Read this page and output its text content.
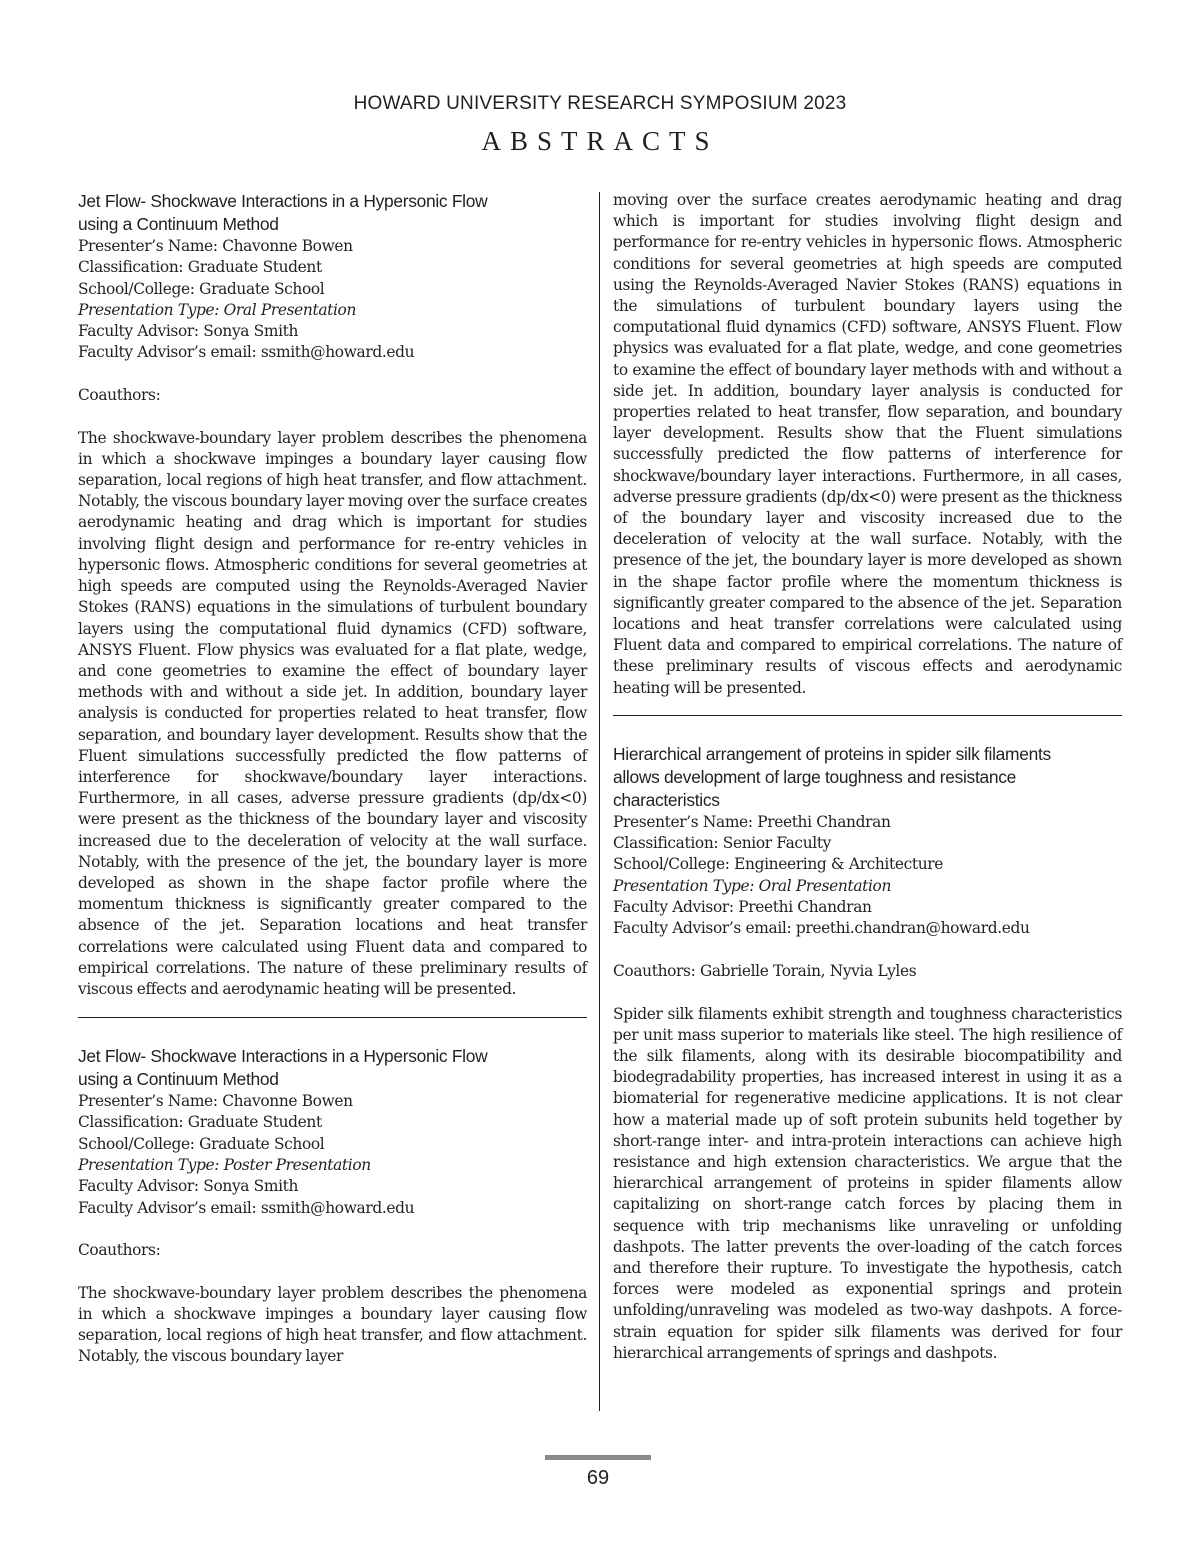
HOWARD UNIVERSITY RESEARCH SYMPOSIUM 2023
ABSTRACTS

Jet Flow- Shockwave Interactions in a Hypersonic Flow

using a Continuum Method

Presenter’s Name: Chavonne Bowen

Classification: Graduate Student

School/College: Graduate School

Presentation Type: Oral Presentation

Faculty Advisor: Sonya Smith

Faculty Advisor’s email: ssmith@howard.edu

Coauthors:

The shockwave-boundary layer problem describes the phenomena in which a shockwave impinges a boundary layer causing flow separation, local regions of high heat transfer, and flow attachment. Notably, the viscous boundary layer moving over the surface creates aerodynamic heating and drag which is important for studies involving flight design and performance for re-entry vehicles in hypersonic flows. Atmospheric conditions for several geometries at high speeds are computed using the Reynolds-Averaged Navier Stokes (RANS) equations in the simulations of turbulent boundary layers using the computational fluid dynamics (CFD) software, ANSYS Fluent. Flow physics was evaluated for a flat plate, wedge, and cone geometries to examine the effect of boundary layer methods with and without a side jet. In addition, boundary layer analysis is conducted for properties related to heat transfer, flow separation, and boundary layer development. Results show that the Fluent simulations successfully predicted the flow patterns of interference for shockwave/boundary layer interactions. Furthermore, in all cases, adverse pressure gradients (dp/dx<0) were present as the thickness of the boundary layer and viscosity increased due to the deceleration of velocity at the wall surface. Notably, with the presence of the jet, the boundary layer is more developed as shown in the shape factor profile where the momentum thickness is significantly greater compared to the absence of the jet. Separation locations and heat transfer correlations were calculated using Fluent data and compared to empirical correlations. The nature of these preliminary results of viscous effects and aerodynamic heating will be presented.

Jet Flow- Shockwave Interactions in a Hypersonic Flow

using a Continuum Method

Presenter’s Name: Chavonne Bowen

Classification: Graduate Student

School/College: Graduate School

Presentation Type: Poster Presentation

Faculty Advisor: Sonya Smith

Faculty Advisor’s email: ssmith@howard.edu

Coauthors:

The shockwave-boundary layer problem describes the phenomena in which a shockwave impinges a boundary layer causing flow separation, local regions of high heat transfer, and flow attachment. Notably, the viscous boundary layer

moving over the surface creates aerodynamic heating and drag which is important for studies involving flight design and performance for re-entry vehicles in hypersonic flows. Atmospheric conditions for several geometries at high speeds are computed using the Reynolds-Averaged Navier Stokes (RANS) equations in the simulations of turbulent boundary layers using the computational fluid dynamics (CFD) software, ANSYS Fluent. Flow physics was evaluated for a flat plate, wedge, and cone geometries to examine the effect of boundary layer methods with and without a side jet. In addition, boundary layer analysis is conducted for properties related to heat transfer, flow separation, and boundary layer development. Results show that the Fluent simulations successfully predicted the flow patterns of interference for shockwave/boundary layer interactions. Furthermore, in all cases, adverse pressure gradients (dp/dx<0) were present as the thickness of the boundary layer and viscosity increased due to the deceleration of velocity at the wall surface. Notably, with the presence of the jet, the boundary layer is more developed as shown in the shape factor profile where the momentum thickness is significantly greater compared to the absence of the jet. Separation locations and heat transfer correlations were calculated using Fluent data and compared to empirical correlations. The nature of these preliminary results of viscous effects and aerodynamic heating will be presented.

Hierarchical arrangement of proteins in spider silk filaments

allows development of large toughness and resistance

characteristics

Presenter’s Name: Preethi Chandran

Classification: Senior Faculty

School/College: Engineering & Architecture

Presentation Type: Oral Presentation

Faculty Advisor: Preethi Chandran

Faculty Advisor’s email: preethi.chandran@howard.edu

Coauthors: Gabrielle Torain, Nyvia Lyles

Spider silk filaments exhibit strength and toughness characteristics per unit mass superior to materials like steel. The high resilience of the silk filaments, along with its desirable biocompatibility and biodegradability properties, has increased interest in using it as a biomaterial for regenerative medicine applications. It is not clear how a material made up of soft protein subunits held together by short-range inter- and intra-protein interactions can achieve high resistance and high extension characteristics. We argue that the hierarchical arrangement of proteins in spider filaments allow capitalizing on short-range catch forces by placing them in sequence with trip mechanisms like unraveling or unfolding dashpots. The latter prevents the over-loading of the catch forces and therefore their rupture. To investigate the hypothesis, catch forces were modeled as exponential springs and protein unfolding/unraveling was modeled as two-way dashpots. A force-strain equation for spider silk filaments was derived for four hierarchical arrangements of springs and dashpots.

69
